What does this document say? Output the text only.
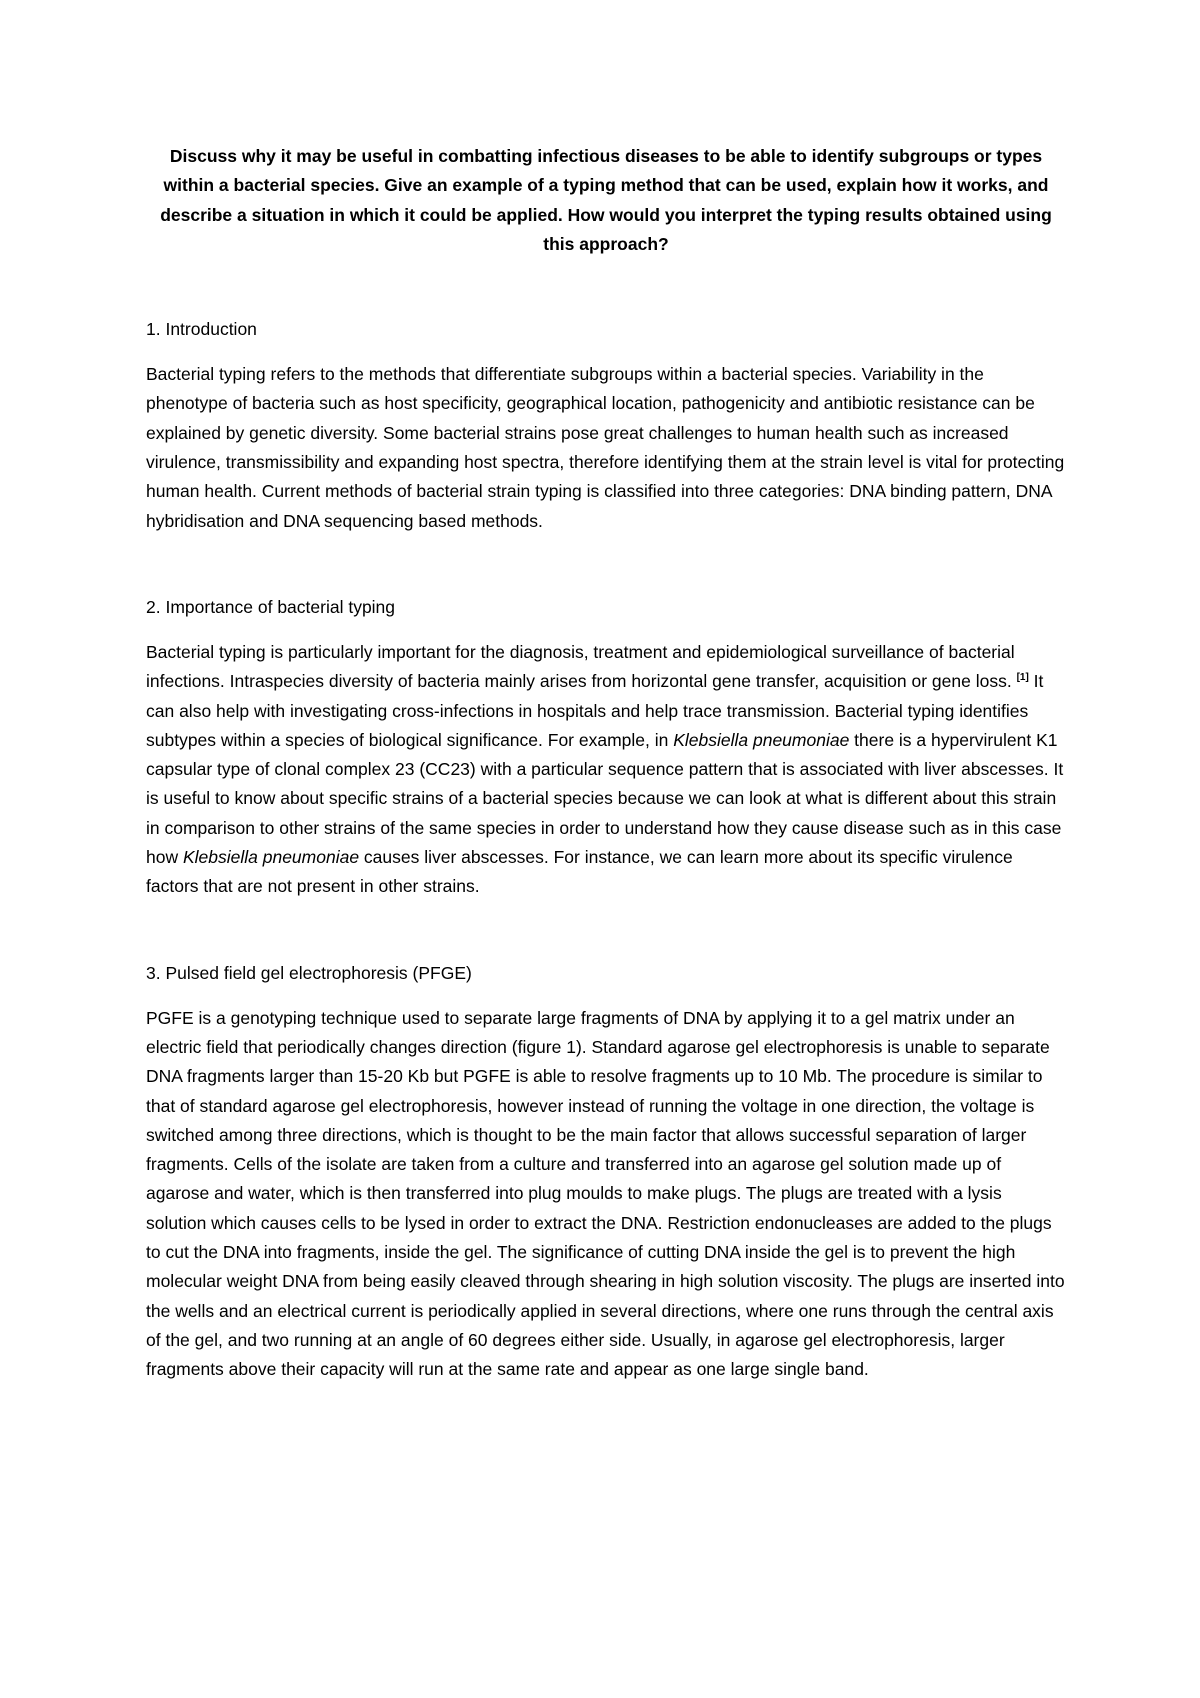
Discuss why it may be useful in combatting infectious diseases to be able to identify subgroups or types within a bacterial species. Give an example of a typing method that can be used, explain how it works, and describe a situation in which it could be applied. How would you interpret the typing results obtained using this approach?

1. Introduction

Bacterial typing refers to the methods that differentiate subgroups within a bacterial species. Variability in the phenotype of bacteria such as host specificity, geographical location, pathogenicity and antibiotic resistance can be explained by genetic diversity. Some bacterial strains pose great challenges to human health such as increased virulence, transmissibility and expanding host spectra, therefore identifying them at the strain level is vital for protecting human health. Current methods of bacterial strain typing is classified into three categories: DNA binding pattern, DNA hybridisation and DNA sequencing based methods.

2. Importance of bacterial typing

Bacterial typing is particularly important for the diagnosis, treatment and epidemiological surveillance of bacterial infections. Intraspecies diversity of bacteria mainly arises from horizontal gene transfer, acquisition or gene loss. [1] It can also help with investigating cross-infections in hospitals and help trace transmission. Bacterial typing identifies subtypes within a species of biological significance. For example, in Klebsiella pneumoniae there is a hypervirulent K1 capsular type of clonal complex 23 (CC23) with a particular sequence pattern that is associated with liver abscesses. It is useful to know about specific strains of a bacterial species because we can look at what is different about this strain in comparison to other strains of the same species in order to understand how they cause disease such as in this case how Klebsiella pneumoniae causes liver abscesses. For instance, we can learn more about its specific virulence factors that are not present in other strains.

3. Pulsed field gel electrophoresis (PFGE)

PGFE is a genotyping technique used to separate large fragments of DNA by applying it to a gel matrix under an electric field that periodically changes direction (figure 1). Standard agarose gel electrophoresis is unable to separate DNA fragments larger than 15-20 Kb but PGFE is able to resolve fragments up to 10 Mb. The procedure is similar to that of standard agarose gel electrophoresis, however instead of running the voltage in one direction, the voltage is switched among three directions, which is thought to be the main factor that allows successful separation of larger fragments. Cells of the isolate are taken from a culture and transferred into an agarose gel solution made up of agarose and water, which is then transferred into plug moulds to make plugs. The plugs are treated with a lysis solution which causes cells to be lysed in order to extract the DNA. Restriction endonucleases are added to the plugs to cut the DNA into fragments, inside the gel. The significance of cutting DNA inside the gel is to prevent the high molecular weight DNA from being easily cleaved through shearing in high solution viscosity. The plugs are inserted into the wells and an electrical current is periodically applied in several directions, where one runs through the central axis of the gel, and two running at an angle of 60 degrees either side. Usually, in agarose gel electrophoresis, larger fragments above their capacity will run at the same rate and appear as one large single band.
